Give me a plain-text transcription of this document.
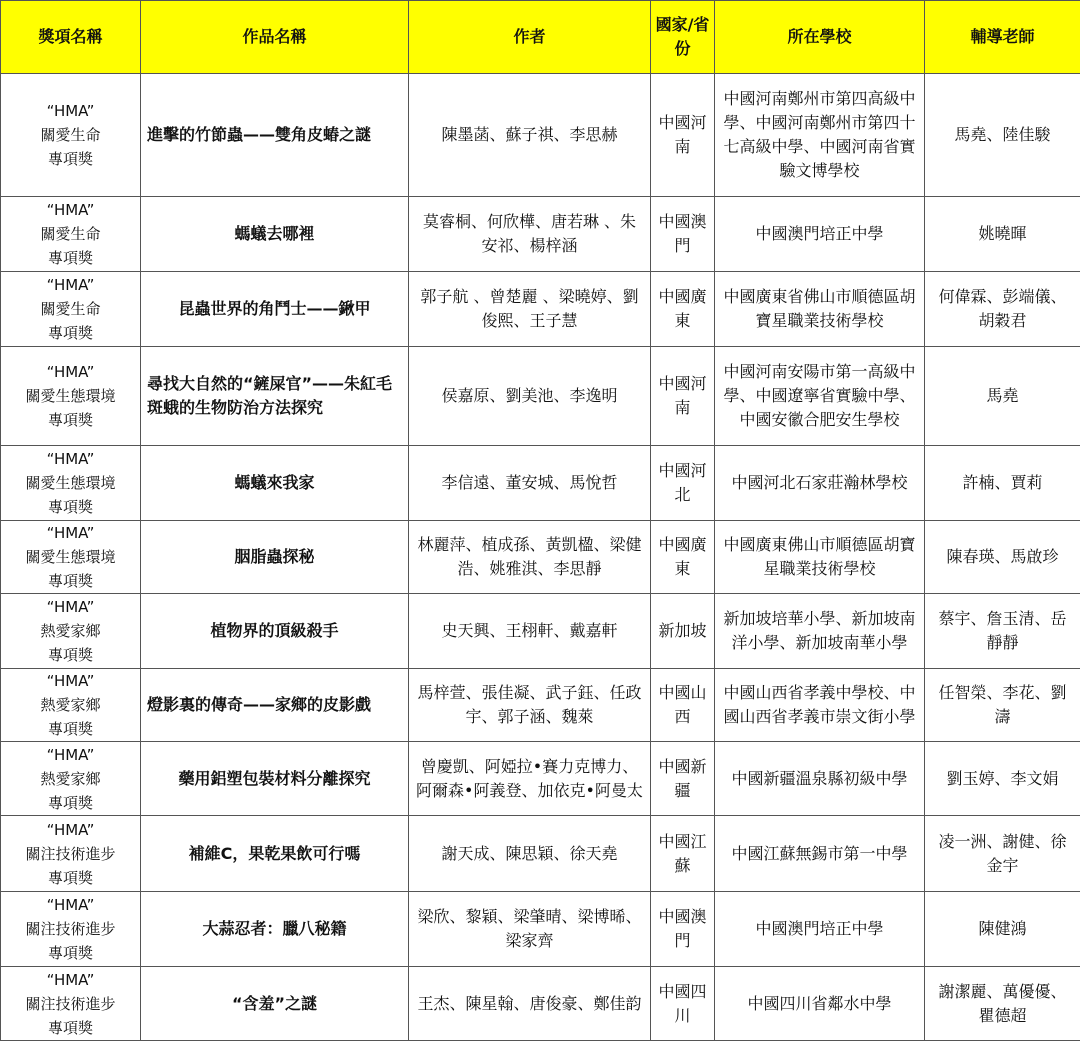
獎項名稱	作品名稱	作者	國家/省份	所在學校	輔導老師

“HMA”
關愛生命
專項獎	進擊的竹節蟲——雙角皮蝽之謎	陳墨菡、蘇子祺、李思赫	中國河南	中國河南鄭州市第四高級中學、中國河南鄭州市第四十七高級中學、中國河南省實驗文博學校	馬堯、陸佳駿

“HMA”
關愛生命
專項獎	螞蟻去哪裡	莫睿桐、何欣樺、唐若琳 、朱安祁、楊梓涵	中國澳門	中國澳門培正中學	姚曉暉

“HMA”
關愛生命
專項獎	昆蟲世界的角鬥士——鍬甲	郭子航 、曾楚麗 、梁曉婷、劉俊熙、王子慧	中國廣東	中國廣東省佛山市順德區胡寶星職業技術學校	何偉霖、彭端儀、胡穀君

“HMA”
關愛生態環境
專項獎	尋找大自然的“鏟屎官”——朱紅毛斑蛾的生物防治方法探究	侯嘉原、劉美池、李逸明	中國河南	中國河南安陽市第一高級中學、中國遼寧省實驗中學、中國安徽合肥安生學校	馬堯

“HMA”
關愛生態環境
專項獎	螞蟻來我家	李信遠、董安城、馬悅哲	中國河北	中國河北石家莊瀚林學校	許楠、賈莉

“HMA”
關愛生態環境
專項獎	胭脂蟲探秘	林麗萍、植成孫、黃凱楹、梁健浩、姚雅淇、李思靜	中國廣東	中國廣東佛山市順德區胡寶星職業技術學校	陳春瑛、馬啟珍

“HMA”
熱愛家鄉
專項獎	植物界的頂級殺手	史天興、王栩軒、戴嘉軒	新加坡	新加坡培華小學、新加坡南洋小學、新加坡南華小學	蔡宇、詹玉清、岳靜靜

“HMA”
熱愛家鄉
專項獎	燈影裏的傳奇——家鄉的皮影戲	馬梓萱、張佳凝、武子鈺、任政宇、郭子涵、魏萊	中國山西	中國山西省孝義中學校、中國山西省孝義市崇文街小學	任智榮、李花、劉濤

“HMA”
熱愛家鄉
專項獎	藥用鋁塑包裝材料分離探究	曾慶凱、阿婭拉•賽力克博力、阿爾森•阿義登、加依克•阿曼太	中國新疆	中國新疆溫泉縣初級中學	劉玉婷、李文娟

“HMA”
關注技術進步
專項獎	補維C，果乾果飲可行嗎	謝天成、陳思穎、徐天堯	中國江蘇	中國江蘇無錫市第一中學	凌一洲、謝健、徐金宇

“HMA”
關注技術進步
專項獎	大蒜忍者：臘八秘籍	梁欣、黎穎、梁肇晴、梁博晞、梁家齊	中國澳門	中國澳門培正中學	陳健鴻

“HMA”
關注技術進步
專項獎	“含羞”之謎	王杰、陳星翰、唐俊豪、鄭佳韵	中國四川	中國四川省鄰水中學	謝潔麗、萬優優、瞿德超
